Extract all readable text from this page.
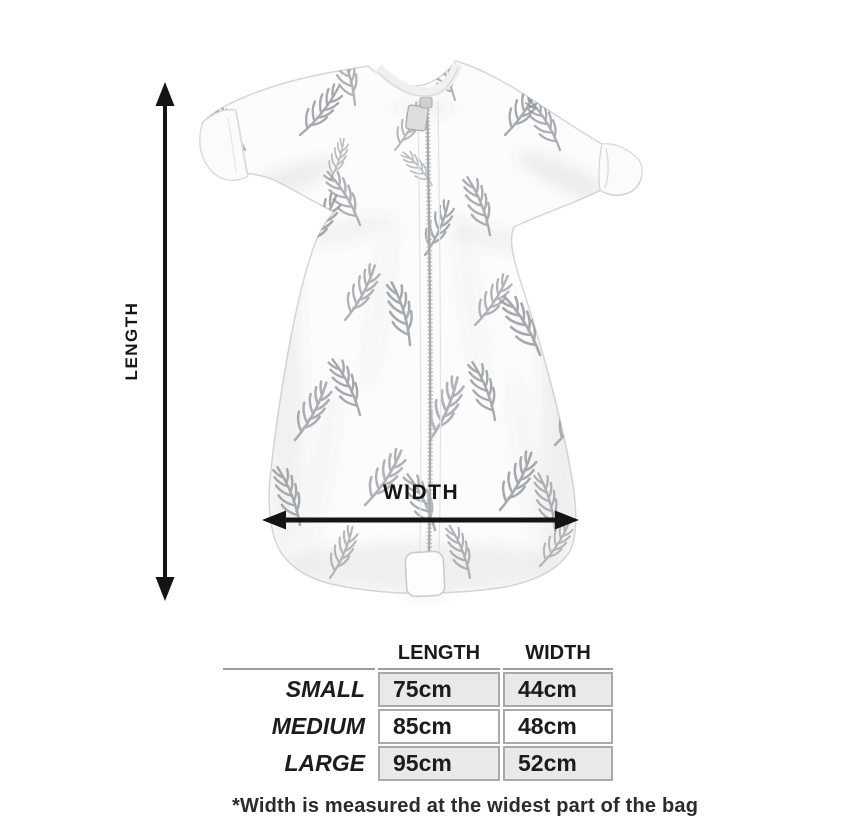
LENGTH
WIDTH
	LENGTH	WIDTH
SMALL	75cm	44cm
MEDIUM	85cm	48cm
LARGE	95cm	52cm
*Width is measured at the widest part of the bag
